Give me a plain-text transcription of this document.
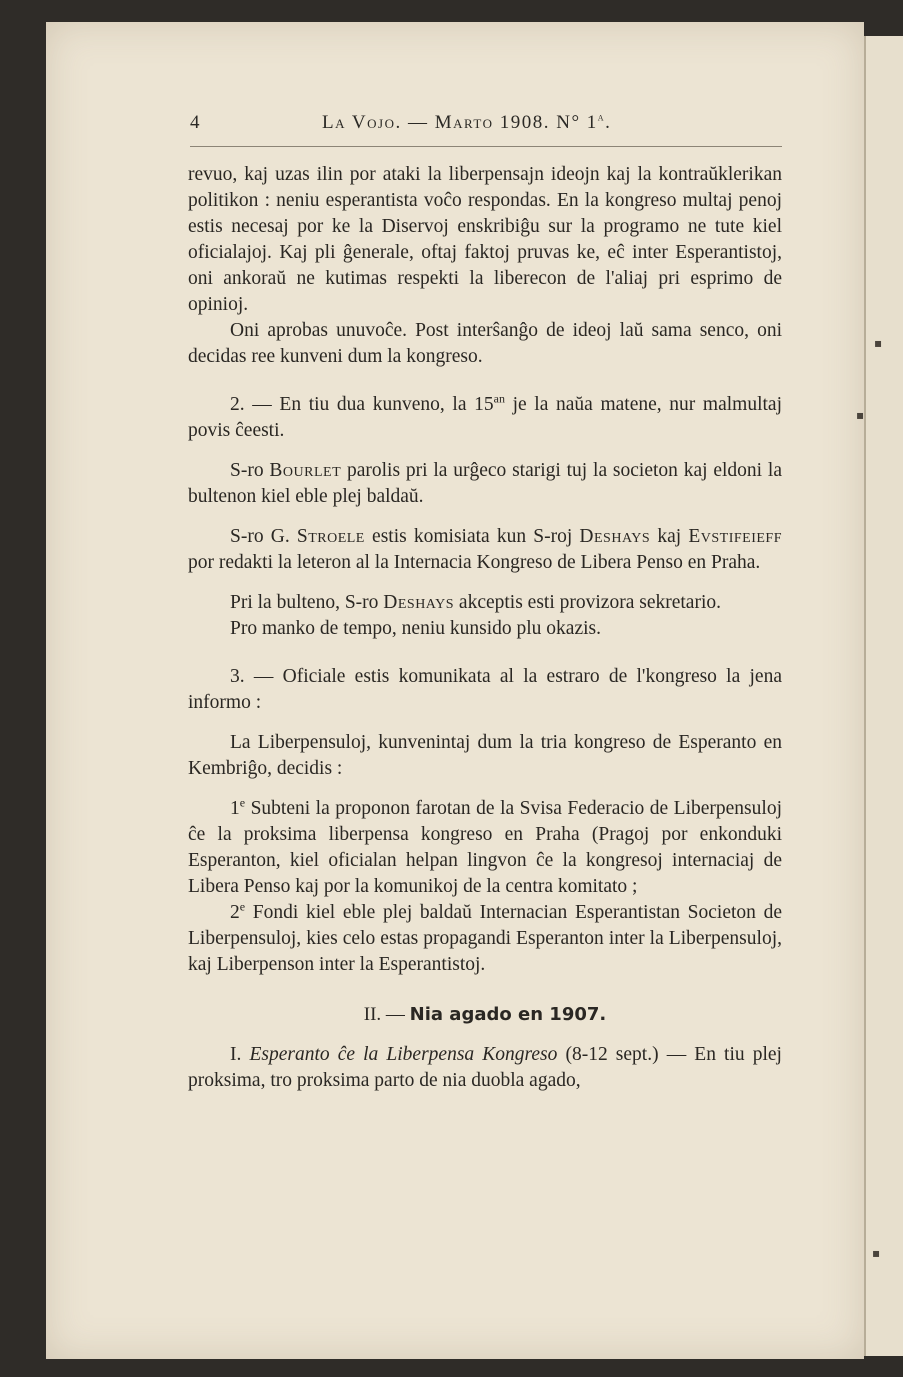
▪
▪
▪
4	La Vojo. — Marto 1908. N° 1$^a$.

revuo, kaj uzas ilin por ataki la liberpensajn ideojn kaj la kontraŭklerikan politikon : neniu esperantista voĉo respondas. En la kongreso multaj penoj estis necesaj por ke la Diservoj enskribiĝu sur la programo ne tute kiel oficialajoj. Kaj pli ĝenerale, oftaj faktoj pruvas ke, eĉ inter Esperantistoj, oni ankoraŭ ne kutimas respekti la liberecon de l'aliaj pri esprimo de opinioj.

Oni aprobas unuvoĉe. Post interŝanĝo de ideoj laŭ sama senco, oni decidas ree kunveni dum la kongreso.

2. — En tiu dua kunveno, la $15^{an}$ je la naŭa matene, nur malmultaj povis ĉeesti.

S-ro Bourlet parolis pri la urĝeco starigi tuj la societon kaj eldoni la bultenon kiel eble plej baldaŭ.

S-ro G. Stroele estis komisiata kun S-roj Deshays kaj Evstifeieff por redakti la leteron al la Internacia Kongreso de Libera Penso en Praha.

Pri la bulteno, S-ro Deshays akceptis esti provizora sekretario.

Pro manko de tempo, neniu kunsido plu okazis.

3. — Oficiale estis komunikata al la estraro de l'kongreso la jena informo :

La Liberpensuloj, kunvenintaj dum la tria kongreso de Esperanto en Kembriĝo, decidis :

1e Subteni la proponon farotan de la Svisa Federacio de Liberpensuloj ĉe la proksima liberpensa kongreso en Praha (Pragoj por enkonduki Esperanton, kiel oficialan helpan lingvon ĉe la kongresoj internaciaj de Libera Penso kaj por la komunikoj de la centra komitato ;

2e Fondi kiel eble plej baldaŭ Internacian Esperantistan Societon de Liberpensuloj, kies celo estas propagandi Esperanton inter la Liberpensuloj, kaj Liberpenson inter la Esperantistoj.

II. — Nia agado en 1907.

I. Esperanto ĉe la Liberpensa Kongreso (8-12 sept.) — En tiu plej proksima, tro proksima parto de nia duobla agado,
